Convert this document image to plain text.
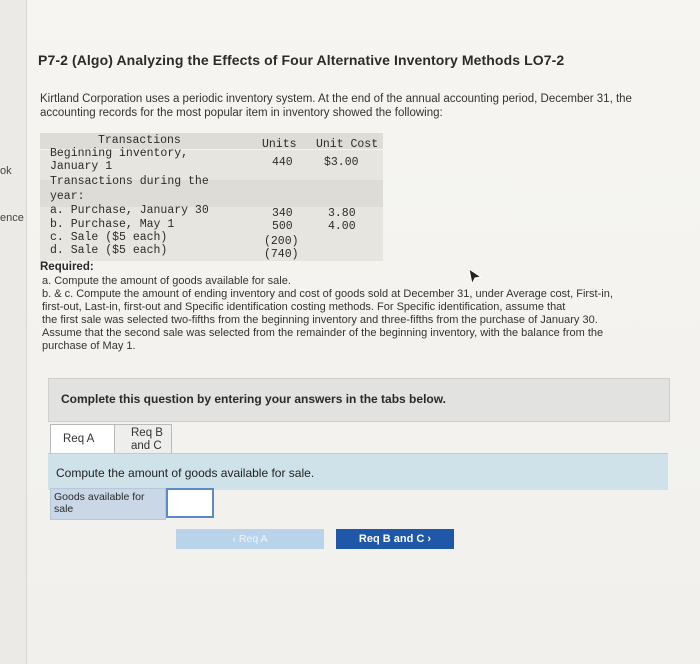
ok
ence
P7-2 (Algo) Analyzing the Effects of Four Alternative Inventory Methods LO7-2
Kirtland Corporation uses a periodic inventory system. At the end of the annual accounting period, December 31, the
accounting records for the most popular item in inventory showed the following:
Transactions	Units Unit Cost
Beginning inventory,
January 1	440	$3.00
Transactions during the
year:
a. Purchase, January 30	340	3.80
b. Purchase, May 1	500	4.00
c. Sale ($5 each)	(200)
d. Sale ($5 each)	(740)
Required:
a. Compute the amount of goods available for sale.
b. & c. Compute the amount of ending inventory and cost of goods sold at December 31, under Average cost, First-in,
first-out, Last-in, first-out and Specific identification costing methods. For Specific identification, assume that
the first sale was selected two-fifths from the beginning inventory and three-fifths from the purchase of January 30.
Assume that the second sale was selected from the remainder of the beginning inventory, with the balance from the
purchase of May 1.
Complete this question by entering your answers in the tabs below.
Req A	Req B
and C
Compute the amount of goods available for sale.
Goods available for sale
‹ Req A	Req B and C ›
